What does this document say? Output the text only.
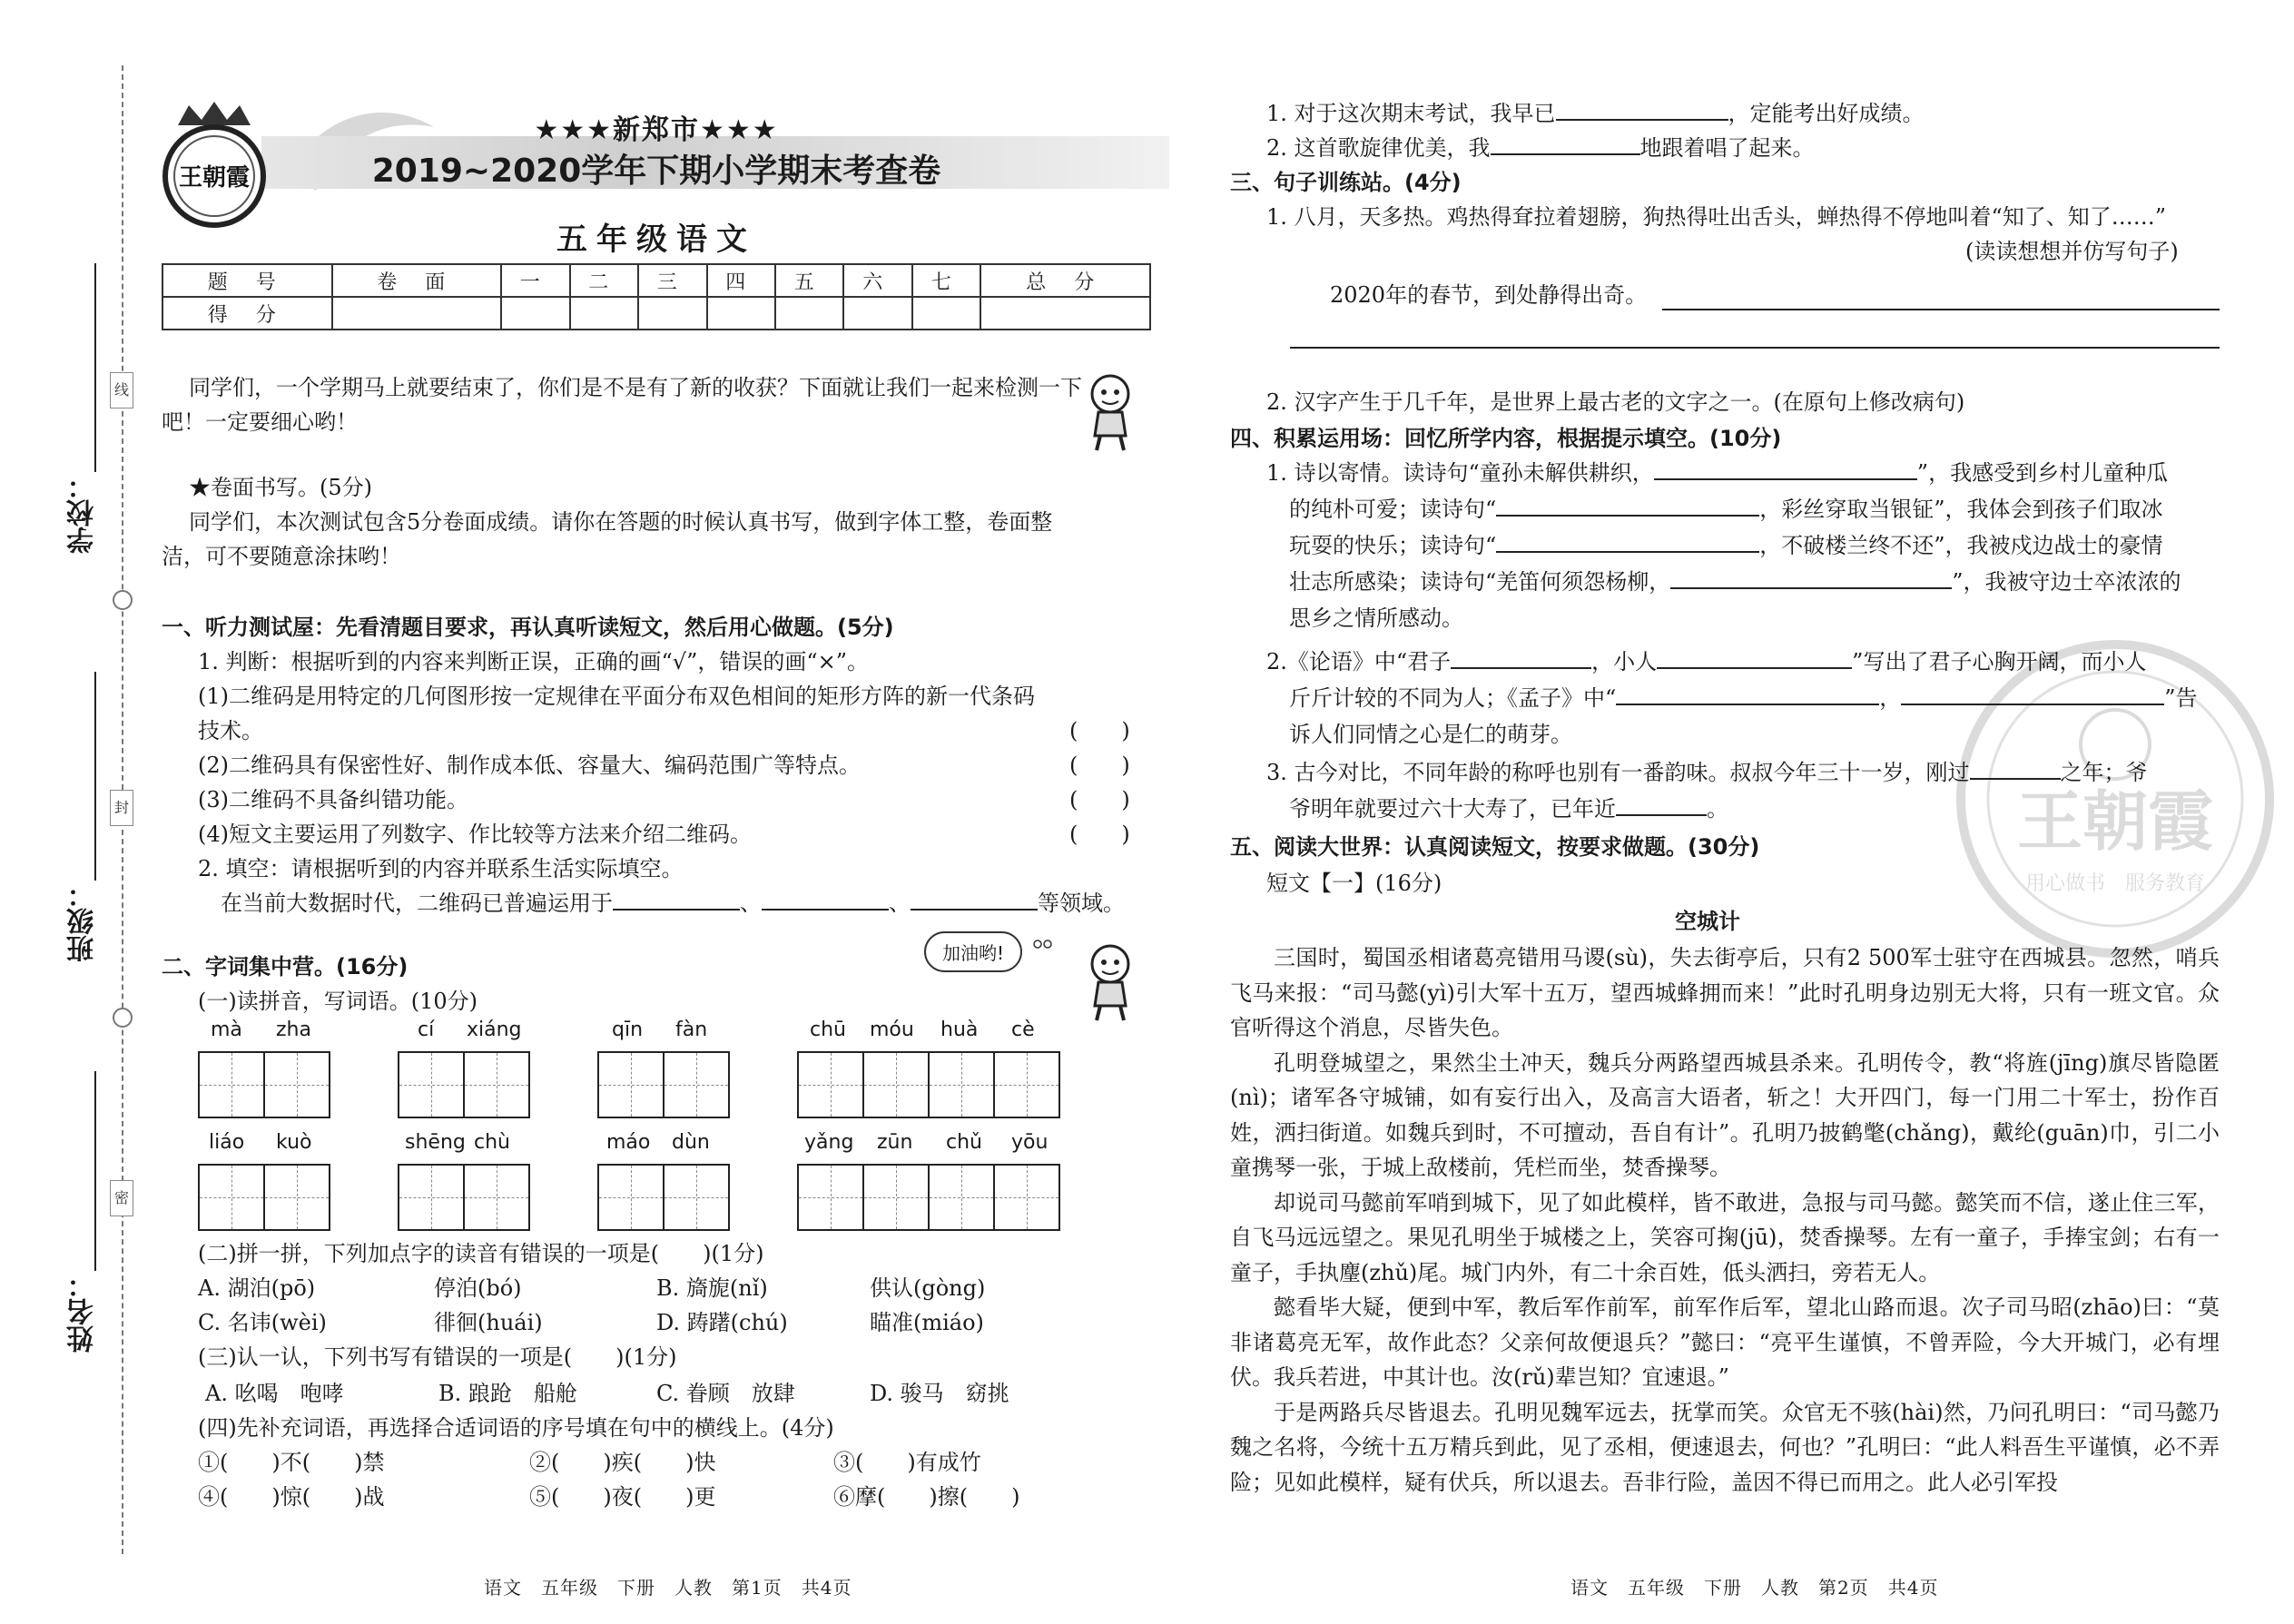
线
封
密
学校：
班级：
姓名：
王朝霞
★★★新郑市★★★
2019~2020学年下期小学期末考查卷
五年级语文
题 号	卷 面	一	二	三	四	五	六	七	总 分
得 分									
同学们，一个学期马上就要结束了，你们是不是有了新的收获？下面就让我们一起来检测一下
吧！一定要细心哟！
★卷面书写。(5分)
同学们，本次测试包含5分卷面成绩。请你在答题的时候认真书写，做到字体工整，卷面整
洁，可不要随意涂抹哟！
一、听力测试屋：先看清题目要求，再认真听读短文，然后用心做题。(5分)
1. 判断：根据听到的内容来判断正误，正确的画“√”，错误的画“×”。
(1)二维码是用特定的几何图形按一定规律在平面分布双色相间的矩形方阵的新一代条码
技术。	(　　)
(2)二维码具有保密性好、制作成本低、容量大、编码范围广等特点。	(　　)
(3)二维码不具备纠错功能。	(　　)
(4)短文主要运用了列数字、作比较等方法来介绍二维码。	(　　)
2. 填空：请根据听到的内容并联系生活实际填空。
在当前大数据时代，二维码已普遍运用于	、	、	等领域。
二、字词集中营。(16分)
加油哟!
(一)读拼音，写词语。(10分)
mà zha	cí xiáng	qīn fàn	chū móu huà cè
liáo kuò	shēng chù	máo dùn	yǎng zūn chǔ yōu
(二)拼一拼，下列加点字的读音有错误的一项是(　　)(1分)
A. 湖泊(pō)	停泊(bó)	B. 旖旎(nǐ)	供认(gòng)
C. 名讳(wèi)	徘徊(huái)	D. 踌躇(chú)	瞄准(miáo)
(三)认一认，下列书写有错误的一项是(　　)(1分)
A. 吆喝　咆哮	B. 踉跄　船舱	C. 眷顾　放肆	D. 骏马　窈挑
(四)先补充词语，再选择合适词语的序号填在句中的横线上。(4分)
①(　　)不(　　)禁	②(　　)疾(　　)快	③(　　)有成竹
④(　　)惊(　　)战	⑤(　　)夜(　　)更	⑥摩(　　)擦(　　)
语文　五年级　下册　人教　第1页　共4页
王朝霞
用心做书　服务教育
1. 对于这次期末考试，我早已	，定能考出好成绩。
2. 这首歌旋律优美，我	地跟着唱了起来。
三、句子训练站。(4分)
1. 八月，天多热。鸡热得耷拉着翅膀，狗热得吐出舌头，蝉热得不停地叫着“知了、知了……”
(读读想想并仿写句子)
2020年的春节，到处静得出奇。
2. 汉字产生于几千年，是世界上最古老的文字之一。(在原句上修改病句)
四、积累运用场：回忆所学内容，根据提示填空。(10分)
1. 诗以寄情。读诗句“童孙未解供耕织，	”，我感受到乡村儿童种瓜
的纯朴可爱；读诗句“	，彩丝穿取当银钲”，我体会到孩子们取冰
玩耍的快乐；读诗句“	，不破楼兰终不还”，我被戍边战士的豪情
壮志所感染；读诗句“羌笛何须怨杨柳，	”，我被守边士卒浓浓的
思乡之情所感动。
2.《论语》中“君子	，小人	”写出了君子心胸开阔，而小人
斤斤计较的不同为人；《孟子》中“	，	”告
诉人们同情之心是仁的萌芽。
3. 古今对比，不同年龄的称呼也别有一番韵味。叔叔今年三十一岁，刚过	之年；爷
爷明年就要过六十大寿了，已年近	。
五、阅读大世界：认真阅读短文，按要求做题。(30分)
短文【一】(16分)
空城计

三国时，蜀国丞相诸葛亮错用马谡(sù)，失去街亭后，只有2 500军士驻守在西城县。忽然，哨兵飞马来报：“司马懿(yì)引大军十五万，望西城蜂拥而来！”此时孔明身边别无大将，只有一班文官。众官听得这个消息，尽皆失色。

孔明登城望之，果然尘土冲天，魏兵分两路望西城县杀来。孔明传令，教“将旌(jīng)旗尽皆隐匿(nì)；诸军各守城铺，如有妄行出入，及高言大语者，斩之！大开四门，每一门用二十军士，扮作百姓，洒扫街道。如魏兵到时，不可擅动，吾自有计”。孔明乃披鹤氅(chǎng)，戴纶(guān)巾，引二小童携琴一张，于城上敌楼前，凭栏而坐，焚香操琴。

却说司马懿前军哨到城下，见了如此模样，皆不敢进，急报与司马懿。懿笑而不信，遂止住三军，自飞马远远望之。果见孔明坐于城楼之上，笑容可掬(jū)，焚香操琴。左有一童子，手捧宝剑；右有一童子，手执麈(zhǔ)尾。城门内外，有二十余百姓，低头洒扫，旁若无人。

懿看毕大疑，便到中军，教后军作前军，前军作后军，望北山路而退。次子司马昭(zhāo)曰：“莫非诸葛亮无军，故作此态？父亲何故便退兵？”懿曰：“亮平生谨慎，不曾弄险，今大开城门，必有埋伏。我兵若进，中其计也。汝(rǔ)辈岂知？宜速退。”

于是两路兵尽皆退去。孔明见魏军远去，抚掌而笑。众官无不骇(hài)然，乃问孔明曰：“司马懿乃魏之名将，今统十五万精兵到此，见了丞相，便速退去，何也？”孔明曰：“此人料吾生平谨慎，必不弄险；见如此模样，疑有伏兵，所以退去。吾非行险，盖因不得已而用之。此人必引军投

语文　五年级　下册　人教　第2页　共4页
